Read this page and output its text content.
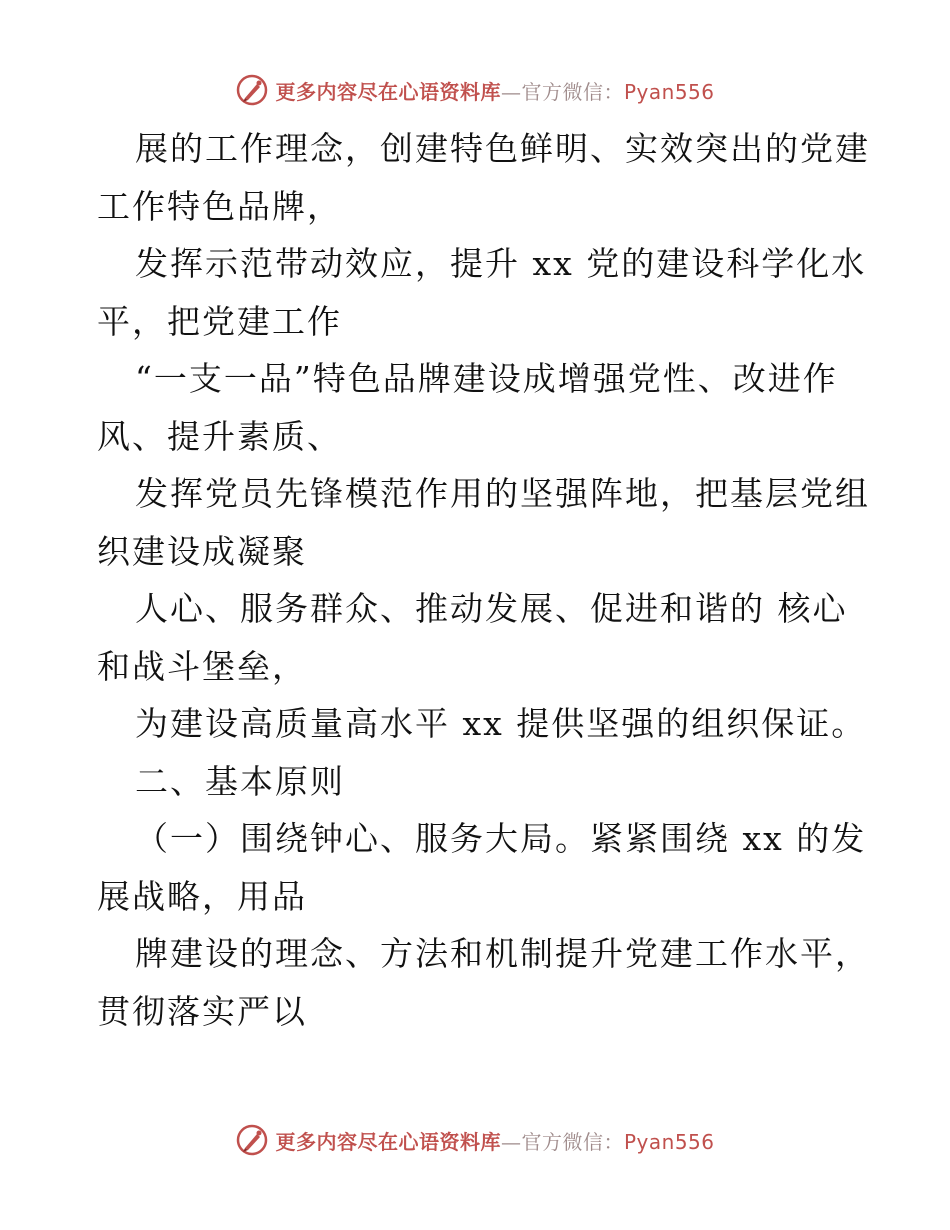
更多内容尽在心语资料库—官方微信：Pyan556
展的工作理念，创建特色鲜明、实效突出的党建
工作特色品牌，
发挥示范带动效应，提升 xx 党的建设科学化水
平，把党建工作
“一支一品”特色品牌建设成增强党性、改进作
风、提升素质、
发挥党员先锋模范作用的坚强阵地，把基层党组
织建设成凝聚
人心、服务群众、推动发展、促进和谐的 核心
和战斗堡垒，
为建设高质量高水平 xx 提供坚强的组织保证。
二、基本原则
（一）围绕钟心、服务大局。紧紧围绕 xx 的发
展战略，用品
牌建设的理念、方法和机制提升党建工作水平，
贯彻落实严以
更多内容尽在心语资料库—官方微信：Pyan556
